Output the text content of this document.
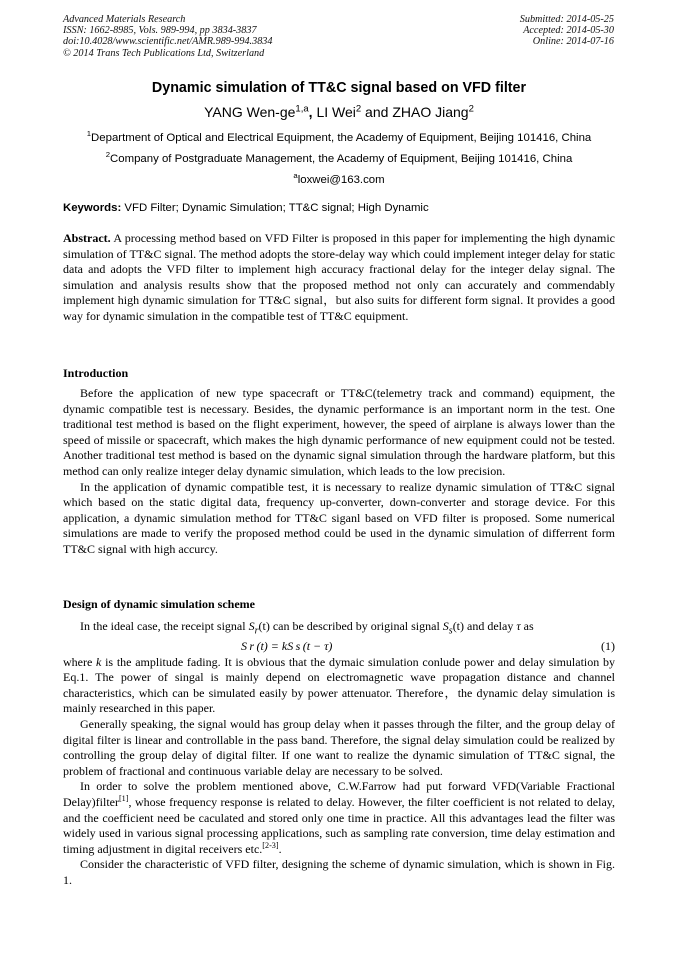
Advanced Materials Research
ISSN: 1662-8985, Vols. 989-994, pp 3834-3837
doi:10.4028/www.scientific.net/AMR.989-994.3834
© 2014 Trans Tech Publications Ltd, Switzerland
Submitted: 2014-05-25
Accepted: 2014-05-30
Online: 2014-07-16
Dynamic simulation of TT&C signal based on VFD filter
YANG Wen-ge$^{1,a}$, LI Wei$^2$ and ZHAO Jiang$^2$
$^1$Department of Optical and Electrical Equipment, the Academy of Equipment, Beijing 101416, China
$^2$Company of Postgraduate Management, the Academy of Equipment, Beijing 101416, China
$^a$loxwei@163.com
Keywords: VFD Filter; Dynamic Simulation; TT&C signal; High Dynamic

Abstract. A processing method based on VFD Filter is proposed in this paper for implementing the high dynamic simulation of TT&C signal. The method adopts the store-delay way which could implement integer delay for static data and adopts the VFD filter to implement high accuracy fractional delay for the integer delay signal. The simulation and analysis results show that the proposed method not only can accurately and commendably implement high dynamic simulation for TT&C signal，but also suits for different form signal. It provides a good way for dynamic simulation in the compatible test of TT&C equipment.

Introduction

Before the application of new type spacecraft or TT&C(telemetry track and command) equipment, the dynamic compatible test is necessary. Besides, the dynamic performance is an important norm in the test. One traditional test method is based on the flight experiment, however, the speed of airplane is always lower than the speed of missile or spacecraft, which makes the high dynamic performance of new equipment could not be tested. Another traditional test method is based on the dynamic signal simulation through the hardware platform, but this method can only realize integer delay dynamic simulation, which leads to the low precision.

In the application of dynamic compatible test, it is necessary to realize dynamic simulation of TT&C signal which based on the static digital data, frequency up-converter, down-converter and storage device. For this application, a dynamic simulation method for TT&C siganl based on VFD filter is proposed. Some numerical simulations are made to verify the proposed method could be used in the dynamic simulation of differrent form TT&C signal with high accurcy.

Design of dynamic simulation scheme

In the ideal case, the receipt signal $S_r(t)$ can be described by original signal $S_s(t)$ and delay τ as

S r (t) = kS s (t − τ)	(1)

where k is the amplitude fading. It is obvious that the dymaic simulation conlude power and delay simulation by Eq.1. The power of singal is mainly depend on electromagnetic wave propagation distance and channel characteristics, which can be simulated easily by power attenuator. Therefore，the dynamic delay simulation is mainly researched in this paper.

Generally speaking, the signal would has group delay when it passes through the filter, and the group delay of digital filter is linear and controllable in the pass band. Therefore, the signal delay simulation could be realized by controlling the group delay of digital filter. If one want to realize the dynamic simulation of TT&C signal, the problem of fractional and continuous variable delay are necessary to be solved.

In order to solve the problem mentioned above, C.W.Farrow had put forward VFD(Variable Fractional Delay)filter[1], whose frequency response is related to delay. However, the filter coefficient is not related to delay, and the coefficient need be caculated and stored only one time in practice. All this advantages lead the filter was widely used in various signal processing applications, such as sampling rate conversion, time delay estimation and timing adjustment in digital receivers etc.[2-3].

Consider the characteristic of VFD filter, designing the scheme of dynamic simulation, which is shown in Fig. 1.
